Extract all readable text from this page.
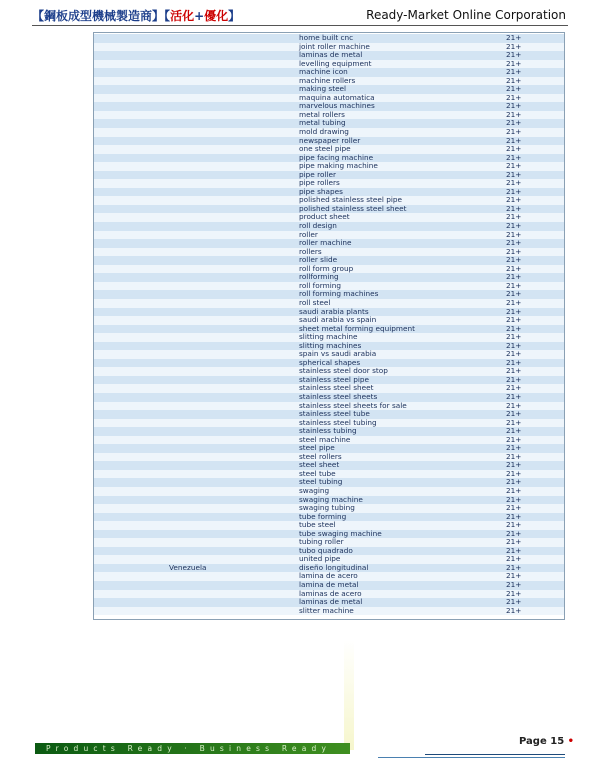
【鋼板成型機械製造商】【活化+優化】	Ready-Market Online Corporation
home built cnc	21+
joint roller machine	21+
laminas de metal	21+
levelling equipment	21+
machine icon	21+
machine rollers	21+
making steel	21+
maquina automatica	21+
marvelous machines	21+
metal rollers	21+
metal tubing	21+
mold drawing	21+
newspaper roller	21+
one steel pipe	21+
pipe facing machine	21+
pipe making machine	21+
pipe roller	21+
pipe rollers	21+
pipe shapes	21+
polished stainless steel pipe	21+
polished stainless steel sheet	21+
product sheet	21+
roll design	21+
roller	21+
roller machine	21+
rollers	21+
roller slide	21+
roll form group	21+
rollforming	21+
roll forming	21+
roll forming machines	21+
roll steel	21+
saudi arabia plants	21+
saudi arabia vs spain	21+
sheet metal forming equipment	21+
slitting machine	21+
slitting machines	21+
spain vs saudi arabia	21+
spherical shapes	21+
stainless steel door stop	21+
stainless steel pipe	21+
stainless steel sheet	21+
stainless steel sheets	21+
stainless steel sheets for sale	21+
stainless steel tube	21+
stainless steel tubing	21+
stainless tubing	21+
steel machine	21+
steel pipe	21+
steel rollers	21+
steel sheet	21+
steel tube	21+
steel tubing	21+
swaging	21+
swaging machine	21+
swaging tubing	21+
tube forming	21+
tube steel	21+
tube swaging machine	21+
tubing roller	21+
tubo quadrado	21+
united pipe	21+
Venezuela	diseño longitudinal	21+
lamina de acero	21+
lamina de metal	21+
laminas de acero	21+
laminas de metal	21+
slitter machine	21+
Products Ready · Business Ready
Page 15 •
